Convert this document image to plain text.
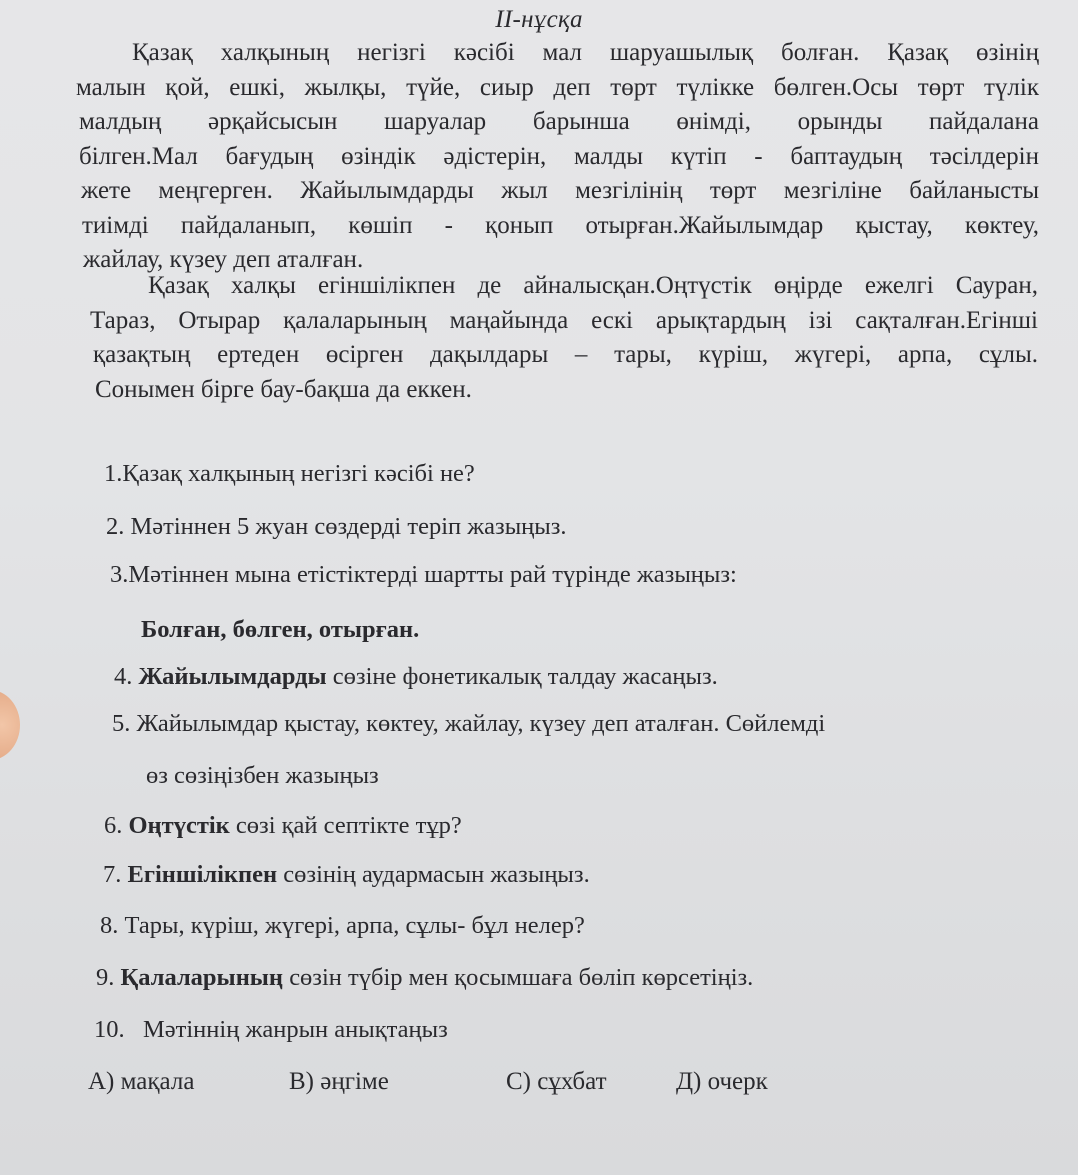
II-нұсқа
Қазақ халқының негізгі кәсібі мал шаруашылық болған. Қазақ өзінің
малын қой, ешкі, жылқы, түйе, сиыр деп төрт түлікке бөлген.Осы төрт түлік
малдың әрқайсысын шаруалар барынша өнімді, орынды пайдалана
білген.Мал бағудың өзіндік әдістерін, малды күтіп - баптаудың тәсілдерін
жете меңгерген. Жайылымдарды жыл мезгілінің төрт мезгіліне байланысты
тиімді пайдаланып, көшіп - қонып отырған.Жайылымдар қыстау, көктеу,
жайлау, күзеу деп аталған.
Қазақ халқы егіншілікпен де айналысқан.Оңтүстік өңірде ежелгі Сауран,
Тараз, Отырар қалаларының маңайында ескі арықтардың ізі сақталған.Егінші
қазақтың ертеден өсірген дақылдары – тары, күріш, жүгері, арпа, сұлы.
Сонымен бірге бау-бақша да еккен.
1.Қазақ халқының негізгі кәсібі не?
2. Мәтіннен 5 жуан сөздерді теріп жазыңыз.
3.Мәтіннен мына етістіктерді шартты рай түрінде жазыңыз:
Болған, бөлген, отырған.
4. Жайылымдарды сөзіне фонетикалық талдау жасаңыз.
5. Жайылымдар қыстау, көктеу, жайлау, күзеу деп аталған. Сөйлемді
өз сөзіңізбен жазыңыз
6. Оңтүстік сөзі қай септікте тұр?
7. Егіншілікпен сөзінің аудармасын жазыңыз.
8. Тары, күріш, жүгері, арпа, сұлы- бұл нелер?
9. Қалаларының сөзін түбір мен қосымшаға бөліп көрсетіңіз.
10.   Мәтіннің жанрын анықтаңыз
А) мақала	В) әңгіме	С) сұхбат	Д) очерк
